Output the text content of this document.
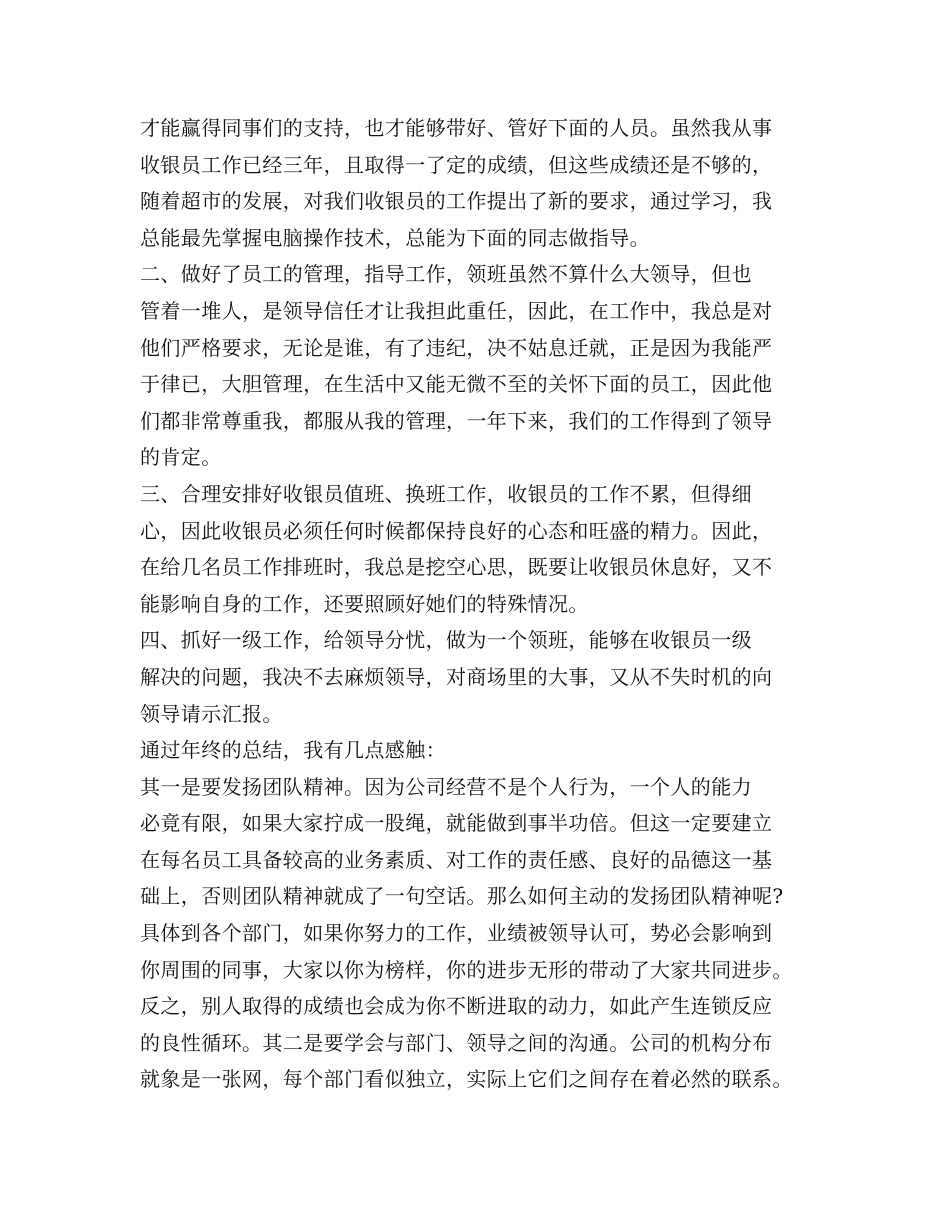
才能赢得同事们的支持，也才能够带好、管好下面的人员。虽然我从事
收银员工作已经三年，且取得一了定的成绩，但这些成绩还是不够的，
随着超市的发展，对我们收银员的工作提出了新的要求，通过学习，我
总能最先掌握电脑操作技术，总能为下面的同志做指导。
二、做好了员工的管理，指导工作，领班虽然不算什么大领导，但也
管着一堆人，是领导信任才让我担此重任，因此，在工作中，我总是对
他们严格要求，无论是谁，有了违纪，决不姑息迁就，正是因为我能严
于律已，大胆管理，在生活中又能无微不至的关怀下面的员工，因此他
们都非常尊重我，都服从我的管理，一年下来，我们的工作得到了领导
的肯定。
三、合理安排好收银员值班、换班工作，收银员的工作不累，但得细
心，因此收银员必须任何时候都保持良好的心态和旺盛的精力。因此，
在给几名员工作排班时，我总是挖空心思，既要让收银员休息好，又不
能影响自身的工作，还要照顾好她们的特殊情况。
四、抓好一级工作，给领导分忧，做为一个领班，能够在收银员一级
解决的问题，我决不去麻烦领导，对商场里的大事，又从不失时机的向
领导请示汇报。
通过年终的总结，我有几点感触：
其一是要发扬团队精神。因为公司经营不是个人行为，一个人的能力
必竟有限，如果大家拧成一股绳，就能做到事半功倍。但这一定要建立
在每名员工具备较高的业务素质、对工作的责任感、良好的品德这一基
础上，否则团队精神就成了一句空话。那么如何主动的发扬团队精神呢?
具体到各个部门，如果你努力的工作，业绩被领导认可，势必会影响到
你周围的同事，大家以你为榜样，你的进步无形的带动了大家共同进步。
反之，别人取得的成绩也会成为你不断进取的动力，如此产生连锁反应
的良性循环。其二是要学会与部门、领导之间的沟通。公司的机构分布
就象是一张网，每个部门看似独立，实际上它们之间存在着必然的联系。
